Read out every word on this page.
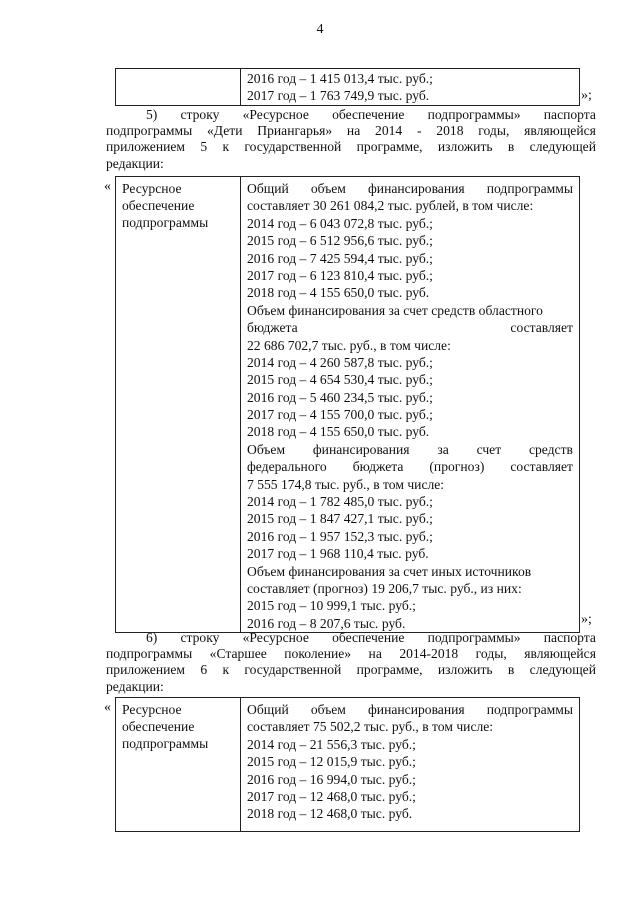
4

2016 год – 1 415 013,4 тыс. руб.;
2017 год – 1 763 749,9 тыс. руб.	»;
5) строку «Ресурсное обеспечение подпрограммы» паспорта
подпрограммы «Дети Приангарья» на 2014 - 2018 годы, являющейся
приложением 5 к государственной программе, изложить в следующей
редакции:
« Ресурсное
обеспечение
подпрограммы

Общий объем финансирования подпрограммы
составляет 30 261 084,2 тыс. рублей, в том числе:
2014 год – 6 043 072,8 тыс. руб.;
2015 год – 6 512 956,6 тыс. руб.;
2016 год – 7 425 594,4 тыс. руб.;
2017 год – 6 123 810,4 тыс. руб.;
2018 год – 4 155 650,0 тыс. руб.
Объем финансирования за счет средств областного
бюджета	составляет
22 686 702,7 тыс. руб., в том числе:
2014 год – 4 260 587,8 тыс. руб.;
2015 год – 4 654 530,4 тыс. руб.;
2016 год – 5 460 234,5 тыс. руб.;
2017 год – 4 155 700,0 тыс. руб.;
2018 год – 4 155 650,0 тыс. руб.
Объем финансирования за счет средств
федерального бюджета (прогноз) составляет
7 555 174,8 тыс. руб., в том числе:
2014 год – 1 782 485,0 тыс. руб.;
2015 год – 1 847 427,1 тыс. руб.;
2016 год – 1 957 152,3 тыс. руб.;
2017 год – 1 968 110,4 тыс. руб.
Объем финансирования за счет иных источников
составляет (прогноз) 19 206,7 тыс. руб., из них:
2015 год – 10 999,1 тыс. руб.;
2016 год – 8 207,6 тыс. руб.	»;
6) строку «Ресурсное обеспечение подпрограммы» паспорта
подпрограммы «Старшее поколение» на 2014-2018 годы, являющейся
приложением 6 к государственной программе, изложить в следующей
редакции:
« Ресурсное
обеспечение
подпрограммы

Общий объем финансирования подпрограммы
составляет 75 502,2 тыс. руб., в том числе:
2014 год – 21 556,3 тыс. руб.;
2015 год – 12 015,9 тыс. руб.;
2016 год – 16 994,0 тыс. руб.;
2017 год – 12 468,0 тыс. руб.;
2018 год – 12 468,0 тыс. руб.
